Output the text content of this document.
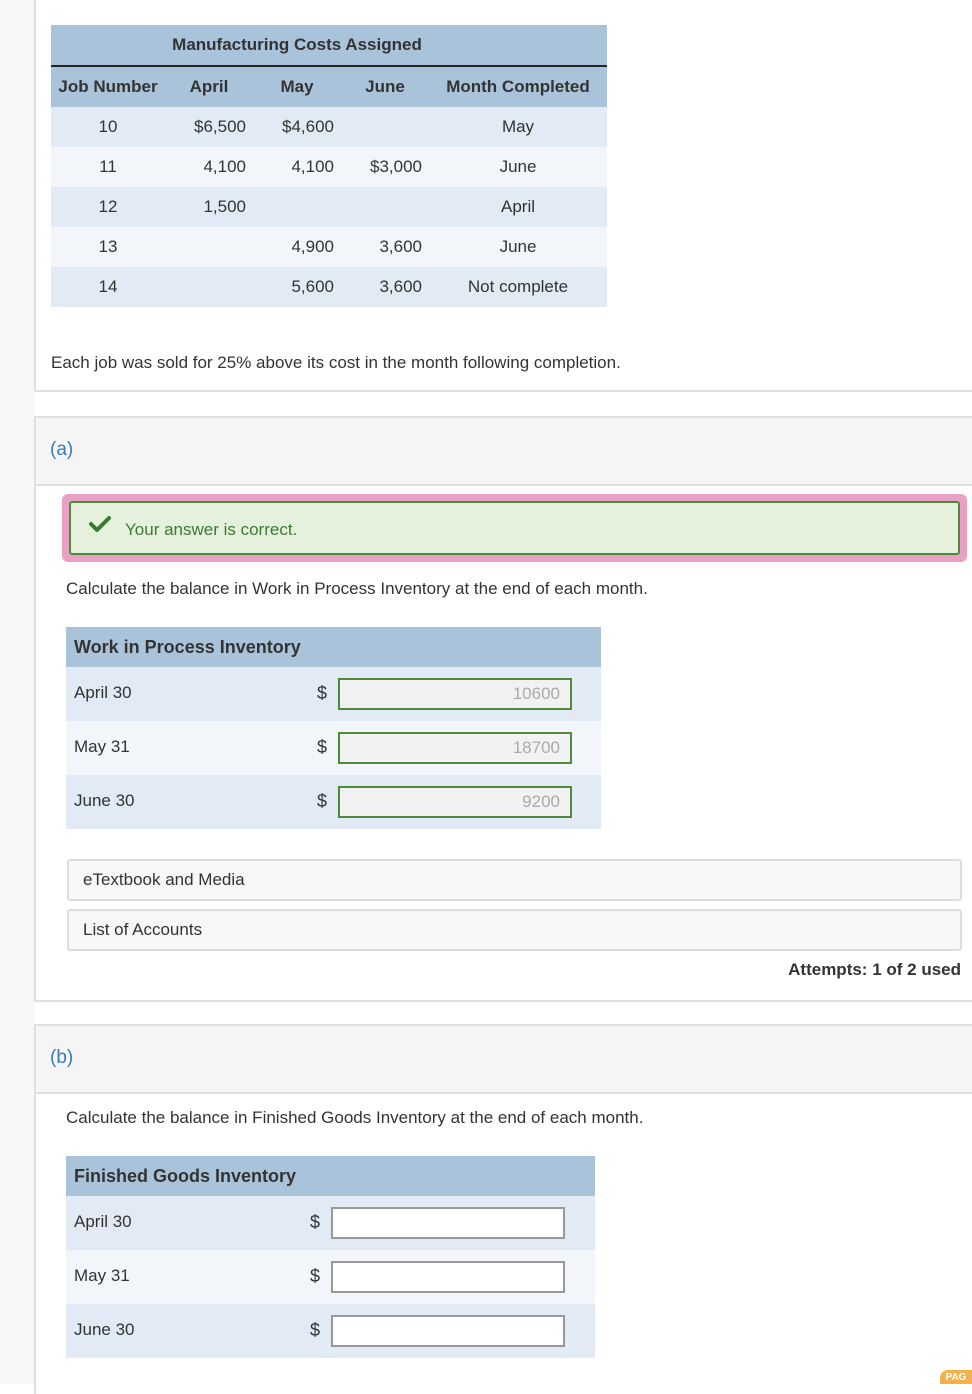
	Manufacturing Costs Assigned			
Job Number	April	May	June	Month Completed
10	$6,500	$4,600		May
11	4,100	4,100	$3,000	June
12	1,500			April
13		4,900	3,600	June
14		5,600	3,600	Not complete
Each job was sold for 25% above its cost in the month following completion.
(a)
Your answer is correct.
Calculate the balance in Work in Process Inventory at the end of each month.
Work in Process Inventory
April 30	$	10600
May 31	$	18700
June 30	$	9200
eTextbook and Media
List of Accounts
Attempts: 1 of 2 used
(b)
Calculate the balance in Finished Goods Inventory at the end of each month.
Finished Goods Inventory
April 30	$
May 31	$
June 30	$
PAG
